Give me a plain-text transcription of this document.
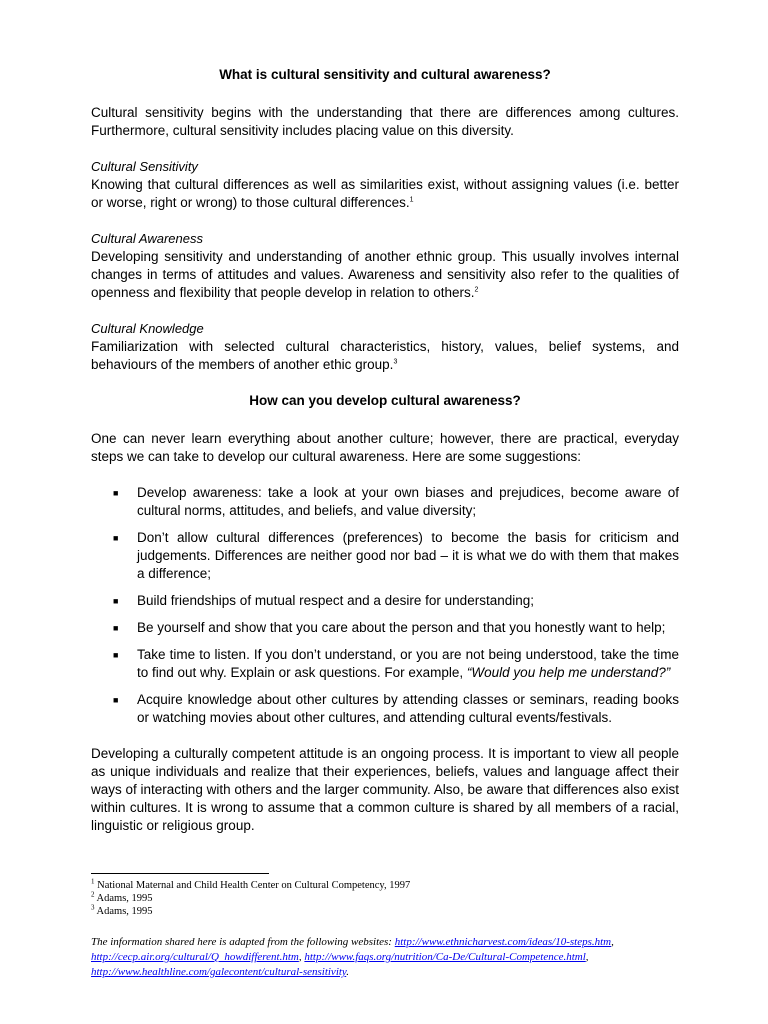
What is cultural sensitivity and cultural awareness?

Cultural sensitivity begins with the understanding that there are differences among cultures. Furthermore, cultural sensitivity includes placing value on this diversity.

Cultural Sensitivity

Knowing that cultural differences as well as similarities exist, without assigning values (i.e. better or worse, right or wrong) to those cultural differences.$^1$

Cultural Awareness

Developing sensitivity and understanding of another ethnic group. This usually involves internal changes in terms of attitudes and values. Awareness and sensitivity also refer to the qualities of openness and flexibility that people develop in relation to others.$^2$

Cultural Knowledge

Familiarization with selected cultural characteristics, history, values, belief systems, and behaviours of the members of another ethic group.$^3$

How can you develop cultural awareness?

One can never learn everything about another culture; however, there are practical, everyday steps we can take to develop our cultural awareness. Here are some suggestions:

■ Develop awareness: take a look at your own biases and prejudices, become aware of cultural norms, attitudes, and beliefs, and value diversity;
■ Don’t allow cultural differences (preferences) to become the basis for criticism and judgements. Differences are neither good nor bad – it is what we do with them that makes a difference;
■ Build friendships of mutual respect and a desire for understanding;
■ Be yourself and show that you care about the person and that you honestly want to help;
■ Take time to listen. If you don’t understand, or you are not being understood, take the time to find out why. Explain or ask questions. For example, “Would you help me understand?”
■ Acquire knowledge about other cultures by attending classes or seminars, reading books or watching movies about other cultures, and attending cultural events/festivals.

Developing a culturally competent attitude is an ongoing process. It is important to view all people as unique individuals and realize that their experiences, beliefs, values and language affect their ways of interacting with others and the larger community. Also, be aware that differences also exist within cultures. It is wrong to assume that a common culture is shared by all members of a racial, linguistic or religious group.

$^1$ National Maternal and Child Health Center on Cultural Competency, 1997
$^2$ Adams, 1995
$^3$ Adams, 1995
The information shared here is adapted from the following websites: http://www.ethnicharvest.com/ideas/10-steps.htm, http://cecp.air.org/cultural/Q_howdifferent.htm, http://www.faqs.org/nutrition/Ca-De/Cultural-Competence.html, http://www.healthline.com/galecontent/cultural-sensitivity.
